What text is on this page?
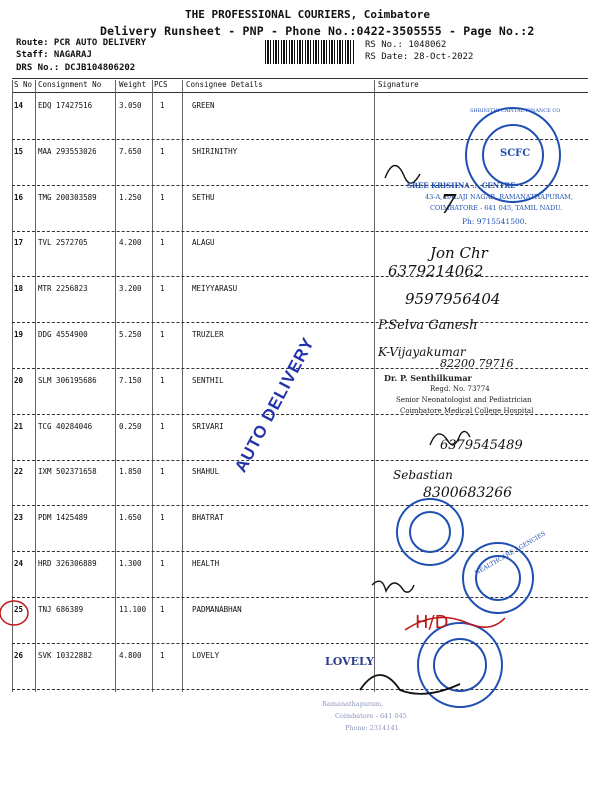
THE PROFESSIONAL COURIERS, Coimbatore
Delivery Runsheet - PNP - Phone No.:0422-3505555 - Page No.:2
Route: PCR AUTO DELIVERY
Staff: NAGARAJ
DRS No.: DCJB104806202
RS No.: 1048062
RS Date: 28-Oct-2022
S No Consignment No Weight PCS Consignee Details	Signature
14 EDQ 17427516	3.050 1	GREEN
15 MAA 293553026	7.650 1	SHIRINITHY
16 TMG 200303589	1.250 1	SETHU
17 TVL 2572705	4.200 1	ALAGU
18 MTR 2256823	3.200 1	MEIYYARASU
19 DDG 4554900	5.250 1	TRUZLER
20 SLM 306195686	7.150 1	SENTHIL
21 TCG 40284046	0.250 1	SRIVARI
22 IXM 502371658	1.850 1	SHAHUL
23 PDM 1425489	1.650 1	BHATRAT
24 HRD 326306889	1.300 1	HEALTH
25 TNJ 686389	11.100 1	PADMANABHAN
26 SVK 10322882	4.800 1	LOVELY
AUTO DELIVERY
SCFC
SHRINITHI CAPITAL FINANCE CO
SREE KRISHNA ... CENTRE
43-A, BALAJI NAGAR, RAMANATHAPURAM,
COIMBATORE - 641 045, TAMIL NADU.
Ph: 9715541500.
Dr. P. Senthilkumar
Regd. No. 73774
Senior Neonatologist and Pediatrician
Coimbatore Medical College Hospital
HEALTHCARE AGENCIES
LOVELY
Ramanathapuram,
Coimbatore - 641 045
Phone: 2314141
H/D
7
Jon Chr
6379214062
9597956404
P.Selva Ganesh
K-Vijayakumar
82200 79716
6379545489
Sebastian
8300683266
